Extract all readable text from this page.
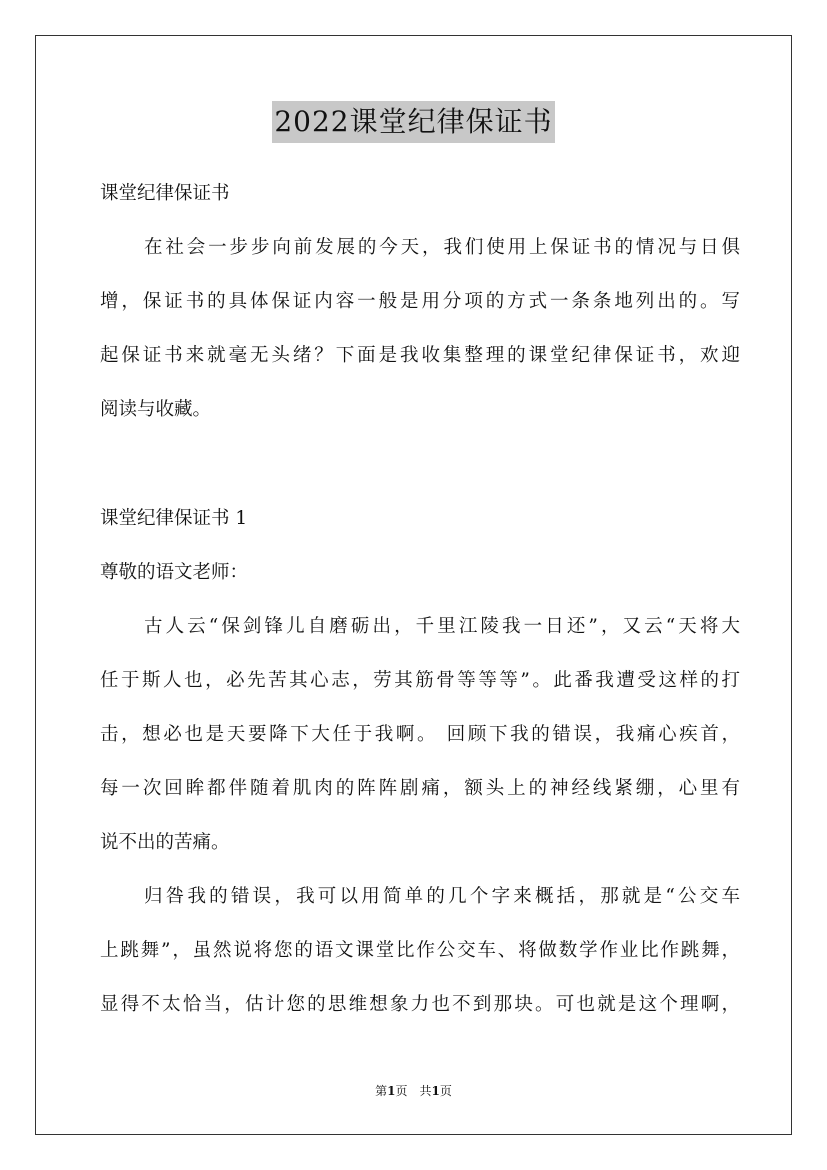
2022课堂纪律保证书
课堂纪律保证书
在社会一步步向前发展的今天，我们使用上保证书的情况与日俱
增，保证书的具体保证内容一般是用分项的方式一条条地列出的。写
起保证书来就毫无头绪？下面是我收集整理的课堂纪律保证书，欢迎
阅读与收藏。
课堂纪律保证书 1
尊敬的语文老师：
古人云“保剑锋儿自磨砺出，千里江陵我一日还”，又云“天将大
任于斯人也，必先苦其心志，劳其筋骨等等等”。此番我遭受这样的打
击，想必也是天要降下大任于我啊。 回顾下我的错误，我痛心疾首，
每一次回眸都伴随着肌肉的阵阵剧痛，额头上的神经线紧绷，心里有
说不出的苦痛。
归咎我的错误，我可以用简单的几个字来概括，那就是“公交车
上跳舞”，虽然说将您的语文课堂比作公交车、将做数学作业比作跳舞，
显得不太恰当，估计您的思维想象力也不到那块。可也就是这个理啊，
第1页　共1页
